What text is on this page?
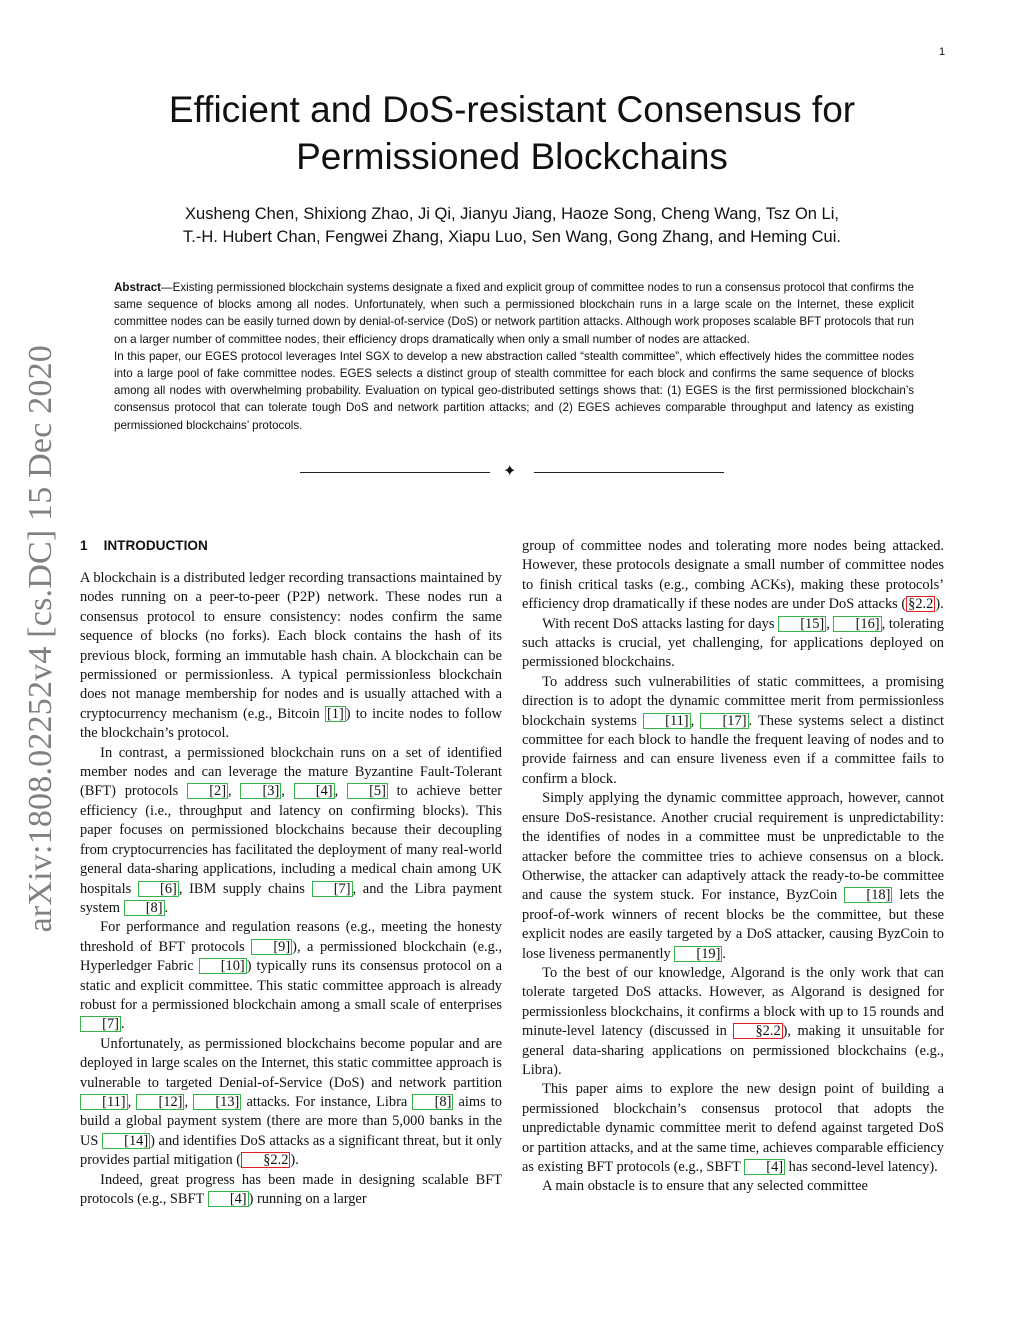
1
arXiv:1808.02252v4 [cs.DC] 15 Dec 2020
Efficient and DoS-resistant Consensus for
Permissioned Blockchains
Xusheng Chen, Shixiong Zhao, Ji Qi, Jianyu Jiang, Haoze Song, Cheng Wang, Tsz On Li,
T.-H. Hubert Chan, Fengwei Zhang, Xiapu Luo, Sen Wang, Gong Zhang, and Heming Cui.

Abstract—Existing permissioned blockchain systems designate a fixed and explicit group of committee nodes to run a consensus protocol that confirms the same sequence of blocks among all nodes. Unfortunately, when such a permissioned blockchain runs in a large scale on the Internet, these explicit committee nodes can be easily turned down by denial-of-service (DoS) or network partition attacks. Although work proposes scalable BFT protocols that run on a larger number of committee nodes, their efficiency drops dramatically when only a small number of nodes are attacked.

In this paper, our EGES protocol leverages Intel SGX to develop a new abstraction called “stealth committee”, which effectively hides the committee nodes into a large pool of fake committee nodes. EGES selects a distinct group of stealth committee for each block and confirms the same sequence of blocks among all nodes with overwhelming probability. Evaluation on typical geo-distributed settings shows that: (1) EGES is the first permissioned blockchain’s consensus protocol that can tolerate tough DoS and network partition attacks; and (2) EGES achieves comparable throughput and latency as existing permissioned blockchains’ protocols.

✦
1 INTRODUCTION

A blockchain is a distributed ledger recording transactions maintained by nodes running on a peer-to-peer (P2P) network. These nodes run a consensus protocol to ensure consistency: nodes confirm the same sequence of blocks (no forks). Each block contains the hash of its previous block, forming an immutable hash chain. A blockchain can be permissioned or permissionless. A typical permissionless blockchain does not manage membership for nodes and is usually attached with a cryptocurrency mechanism (e.g., Bitcoin [1] ) to incite nodes to follow the blockchain’s protocol.

In contrast, a permissioned blockchain runs on a set of identified member nodes and can leverage the mature Byzantine Fault-Tolerant (BFT) protocols [2] , [3] , [4] , [5] to achieve better efficiency (i.e., throughput and latency on confirming blocks). This paper focuses on permissioned blockchains because their decoupling from cryptocurrencies has facilitated the deployment of many real-world general data-sharing applications, including a medical chain among UK hospitals [6] , IBM supply chains [7] , and the Libra payment system [8] .

For performance and regulation reasons (e.g., meeting the honesty threshold of BFT protocols [9] ), a permissioned blockchain (e.g., Hyperledger Fabric [10] ) typically runs its consensus protocol on a static and explicit committee. This static committee approach is already robust for a permissioned blockchain among a small scale of enterprises [7] .

Unfortunately, as permissioned blockchains become popular and are deployed in large scales on the Internet, this static committee approach is vulnerable to targeted Denial-of-Service (DoS) and network partition [11] , [12] , [13] attacks. For instance, Libra [8] aims to build a global payment system (there are more than 5,000 banks in the US [14] ) and identifies DoS attacks as a significant threat, but it only provides partial mitigation ( §2.2 ).

Indeed, great progress has been made in designing scalable BFT protocols (e.g., SBFT [4] ) running on a larger

group of committee nodes and tolerating more nodes being attacked. However, these protocols designate a small number of committee nodes to finish critical tasks (e.g., combing ACKs), making these protocols’ efficiency drop dramatically if these nodes are under DoS attacks ( §2.2 ).

With recent DoS attacks lasting for days [15] , [16] , tolerating such attacks is crucial, yet challenging, for applications deployed on permissioned blockchains.

To address such vulnerabilities of static committees, a promising direction is to adopt the dynamic committee merit from permissionless blockchain systems [11] , [17] . These systems select a distinct committee for each block to handle the frequent leaving of nodes and to provide fairness and can ensure liveness even if a committee fails to confirm a block.

Simply applying the dynamic committee approach, however, cannot ensure DoS-resistance. Another crucial requirement is unpredictability: the identifies of nodes in a committee must be unpredictable to the attacker before the committee tries to achieve consensus on a block. Otherwise, the attacker can adaptively attack the ready-to-be committee and cause the system stuck. For instance, ByzCoin [18] lets the proof-of-work winners of recent blocks be the committee, but these explicit nodes are easily targeted by a DoS attacker, causing ByzCoin to lose liveness permanently [19] .

To the best of our knowledge, Algorand is the only work that can tolerate targeted DoS attacks. However, as Algorand is designed for permissionless blockchains, it confirms a block with up to 15 rounds and minute-level latency (discussed in §2.2 ), making it unsuitable for general data-sharing applications on permissioned blockchains (e.g., Libra).

This paper aims to explore the new design point of building a permissioned blockchain’s consensus protocol that adopts the unpredictable dynamic committee merit to defend against targeted DoS or partition attacks, and at the same time, achieves comparable efficiency as existing BFT protocols (e.g., SBFT [4] has second-level latency).

A main obstacle is to ensure that any selected committee
